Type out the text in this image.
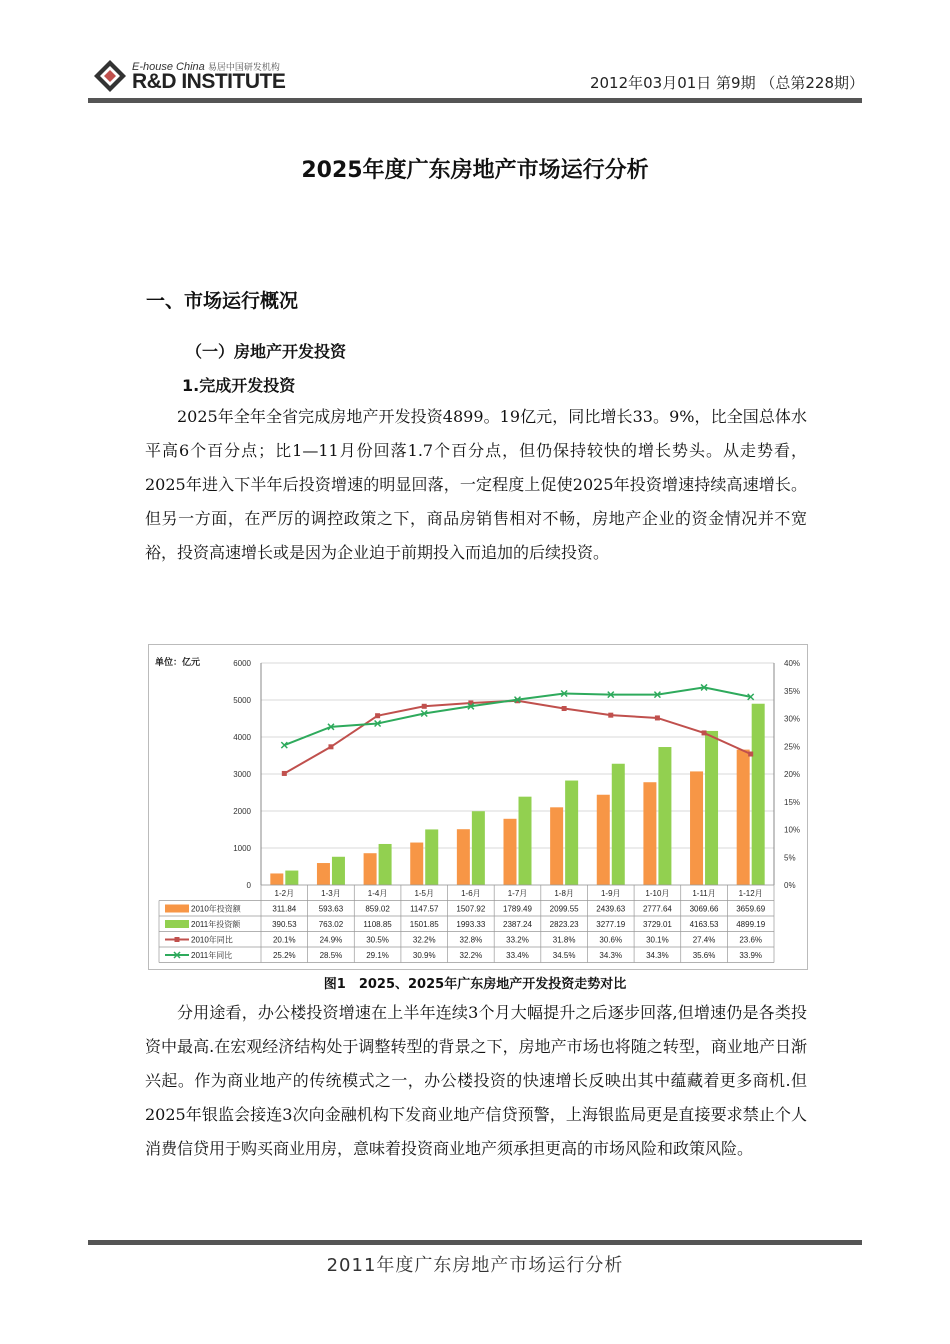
E-house China 易居中国研发机构
R&D INSTITUTE	2012年03月01日 第9期 （总第228期）
2025年度广东房地产市场运行分析
一、市场运行概况
（一）房地产开发投资
1.完成开发投资
2025年全年全省完成房地产开发投资4899。19亿元，同比增长33。9%，比全国总体水平高6个百分点；比1—11月份回落1.7个百分点，但仍保持较快的增长势头。从走势看，2025年进入下半年后投资增速的明显回落，一定程度上促使2025年投资增速持续高速增长。但另一方面，在严厉的调控政策之下，商品房销售相对不畅，房地产企业的资金情况并不宽裕，投资高速增长或是因为企业迫于前期投入而追加的后续投资。
单位：亿元
0
1000
2000
3000
4000
5000
6000
0%
5%
10%
15%
20%
25%
30%
35%
40%
1-2月	1-3月	1-4月	1-5月	1-6月	1-7月	1-8月	1-9月	1-10月	1-11月	1-12月
2010年投资额	311.84	593.63	859.02	1147.57 1507.92 1789.49 2099.55 2439.63 2777.64 3069.66 3659.69
2011年投资额	390.53	763.02	1108.85 1501.85 1993.33 2387.24 2823.23 3277.19 3729.01 4163.53 4899.19
2010年同比	20.1%	24.9%	30.5%	32.2%	32.8%	33.2%	31.8%	30.6%	30.1%	27.4%	23.6%
2011年同比	25.2%	28.5%	29.1%	30.9%	32.2%	33.4%	34.5%	34.3%	34.3%	35.6%	33.9%
图1　2025、2025年广东房地产开发投资走势对比
分用途看，办公楼投资增速在上半年连续3个月大幅提升之后逐步回落,但增速仍是各类投资中最高.在宏观经济结构处于调整转型的背景之下，房地产市场也将随之转型，商业地产日渐兴起。作为商业地产的传统模式之一，办公楼投资的快速增长反映出其中蕴藏着更多商机.但2025年银监会接连3次向金融机构下发商业地产信贷预警，上海银监局更是直接要求禁止个人消费信贷用于购买商业用房，意味着投资商业地产须承担更高的市场风险和政策风险。
2011年度广东房地产市场运行分析
